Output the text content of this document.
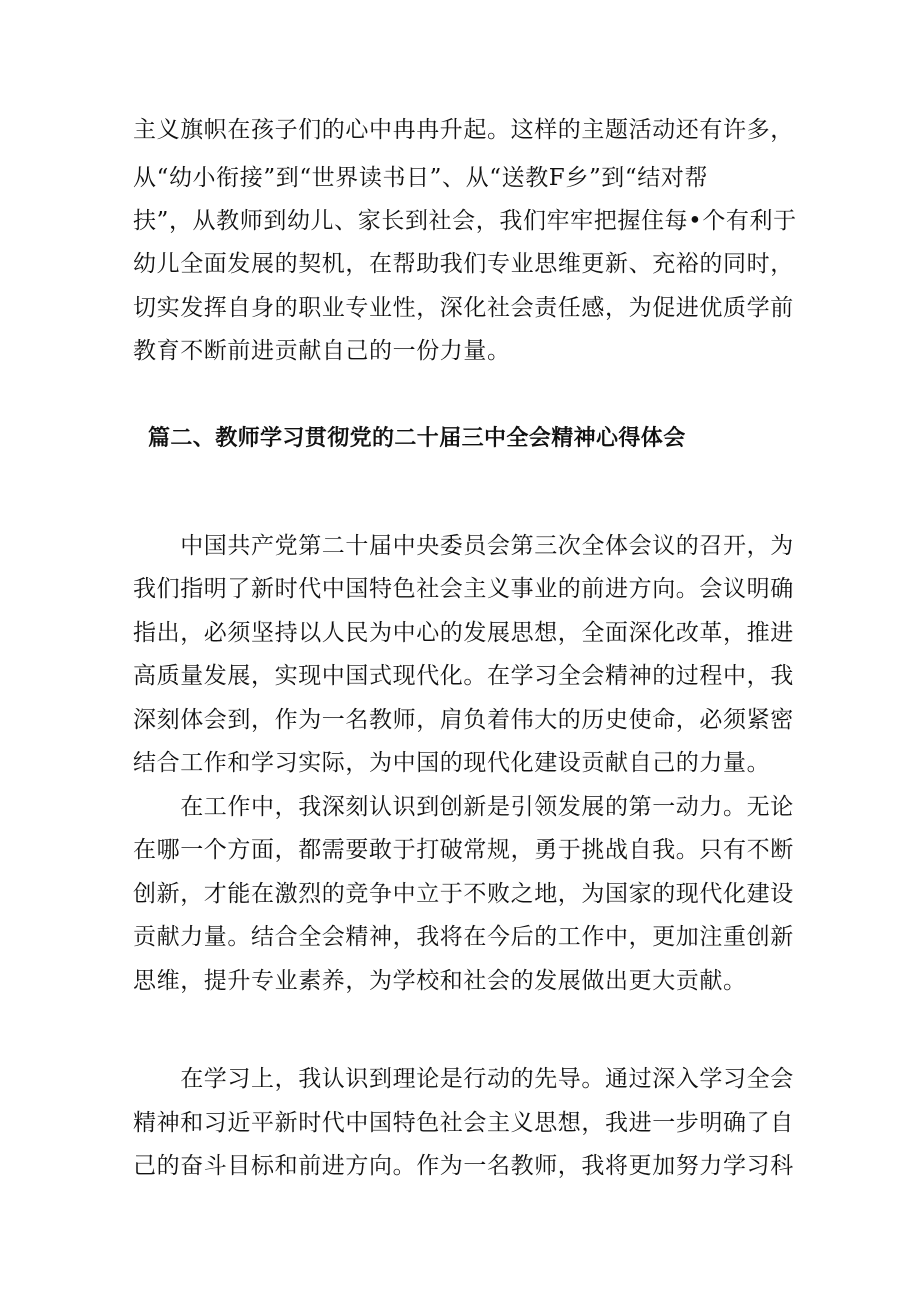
主义旗帜在孩子们的心中冉冉升起。这样的主题活动还有许多，
从“幼小衔接”到“世界读书日”、从“送教F乡”到“结对帮
扶”，从教师到幼儿、家长到社会，我们牢牢把握住每•个有利于
幼儿全面发展的契机，在帮助我们专业思维更新、充裕的同时，
切实发挥自身的职业专业性，深化社会责任感，为促进优质学前
教育不断前进贡献自己的一份力量。
篇二、教师学习贯彻党的二十届三中全会精神心得体会
　　中国共产党第二十届中央委员会第三次全体会议的召开，为
我们指明了新时代中国特色社会主义事业的前进方向。会议明确
指出，必须坚持以人民为中心的发展思想，全面深化改革，推进
高质量发展，实现中国式现代化。在学习全会精神的过程中，我
深刻体会到，作为一名教师，肩负着伟大的历史使命，必须紧密
结合工作和学习实际，为中国的现代化建设贡献自己的力量。
　　在工作中，我深刻认识到创新是引领发展的第一动力。无论
在哪一个方面，都需要敢于打破常规，勇于挑战自我。只有不断
创新，才能在激烈的竞争中立于不败之地，为国家的现代化建设
贡献力量。结合全会精神，我将在今后的工作中，更加注重创新
思维，提升专业素养，为学校和社会的发展做出更大贡献。
　　在学习上，我认识到理论是行动的先导。通过深入学习全会
精神和习近平新时代中国特色社会主义思想，我进一步明确了自
己的奋斗目标和前进方向。作为一名教师，我将更加努力学习科
